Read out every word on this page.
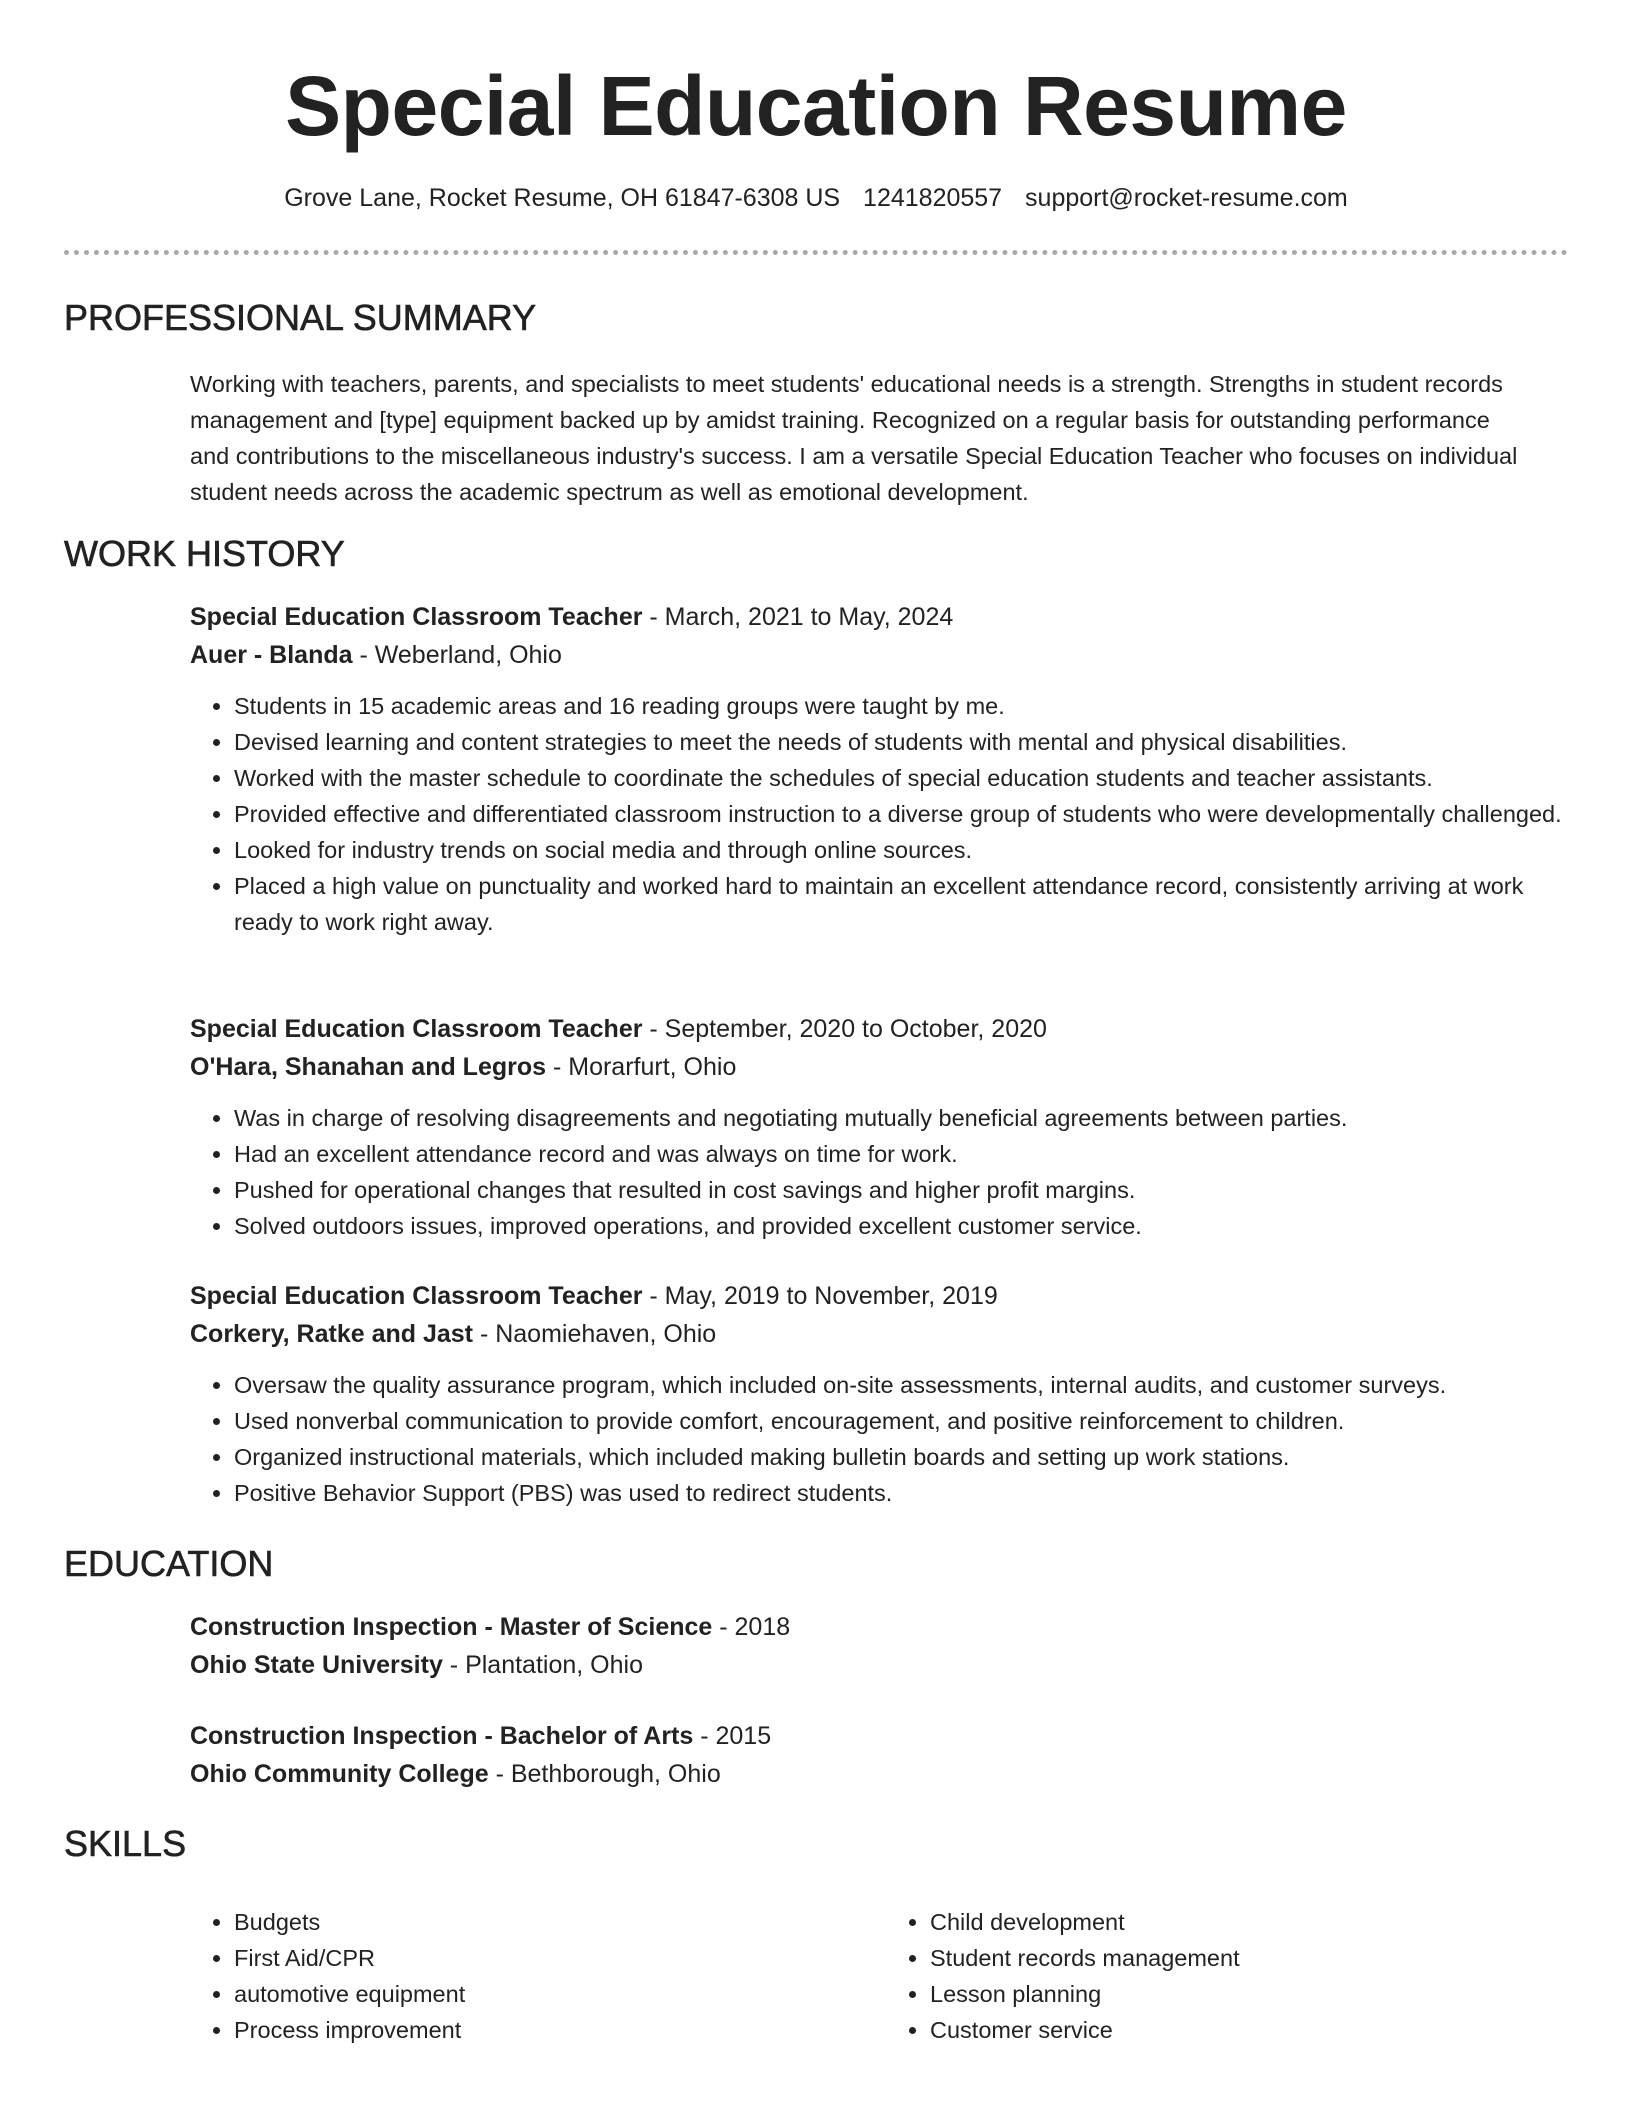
Special Education Resume
Grove Lane, Rocket Resume, OH 61847-6308 US 1241820557 support@rocket-resume.com
PROFESSIONAL SUMMARY

Working with teachers, parents, and specialists to meet students' educational needs is a strength. Strengths in student records management and [type] equipment backed up by amidst training. Recognized on a regular basis for outstanding performance and contributions to the miscellaneous industry's success. I am a versatile Special Education Teacher who focuses on individual student needs across the academic spectrum as well as emotional development.

WORK HISTORY
Special Education Classroom Teacher - March, 2021 to May, 2024
Auer - Blanda - Weberland, Ohio
• Students in 15 academic areas and 16 reading groups were taught by me.
• Devised learning and content strategies to meet the needs of students with mental and physical disabilities.
• Worked with the master schedule to coordinate the schedules of special education students and teacher assistants.
• Provided effective and differentiated classroom instruction to a diverse group of students who were developmentally challenged.
• Looked for industry trends on social media and through online sources.
• Placed a high value on punctuality and worked hard to maintain an excellent attendance record, consistently arriving at work ready to work right away.
Special Education Classroom Teacher - September, 2020 to October, 2020
O'Hara, Shanahan and Legros - Morarfurt, Ohio
• Was in charge of resolving disagreements and negotiating mutually beneficial agreements between parties.
• Had an excellent attendance record and was always on time for work.
• Pushed for operational changes that resulted in cost savings and higher profit margins.
• Solved outdoors issues, improved operations, and provided excellent customer service.
Special Education Classroom Teacher - May, 2019 to November, 2019
Corkery, Ratke and Jast - Naomiehaven, Ohio
• Oversaw the quality assurance program, which included on-site assessments, internal audits, and customer surveys.
• Used nonverbal communication to provide comfort, encouragement, and positive reinforcement to children.
• Organized instructional materials, which included making bulletin boards and setting up work stations.
• Positive Behavior Support (PBS) was used to redirect students.
EDUCATION
Construction Inspection - Master of Science - 2018
Ohio State University - Plantation, Ohio
Construction Inspection - Bachelor of Arts - 2015
Ohio Community College - Bethborough, Ohio
SKILLS
• Budgets
• First Aid/CPR
• automotive equipment
• Process improvement
• Child development
• Student records management
• Lesson planning
• Customer service
